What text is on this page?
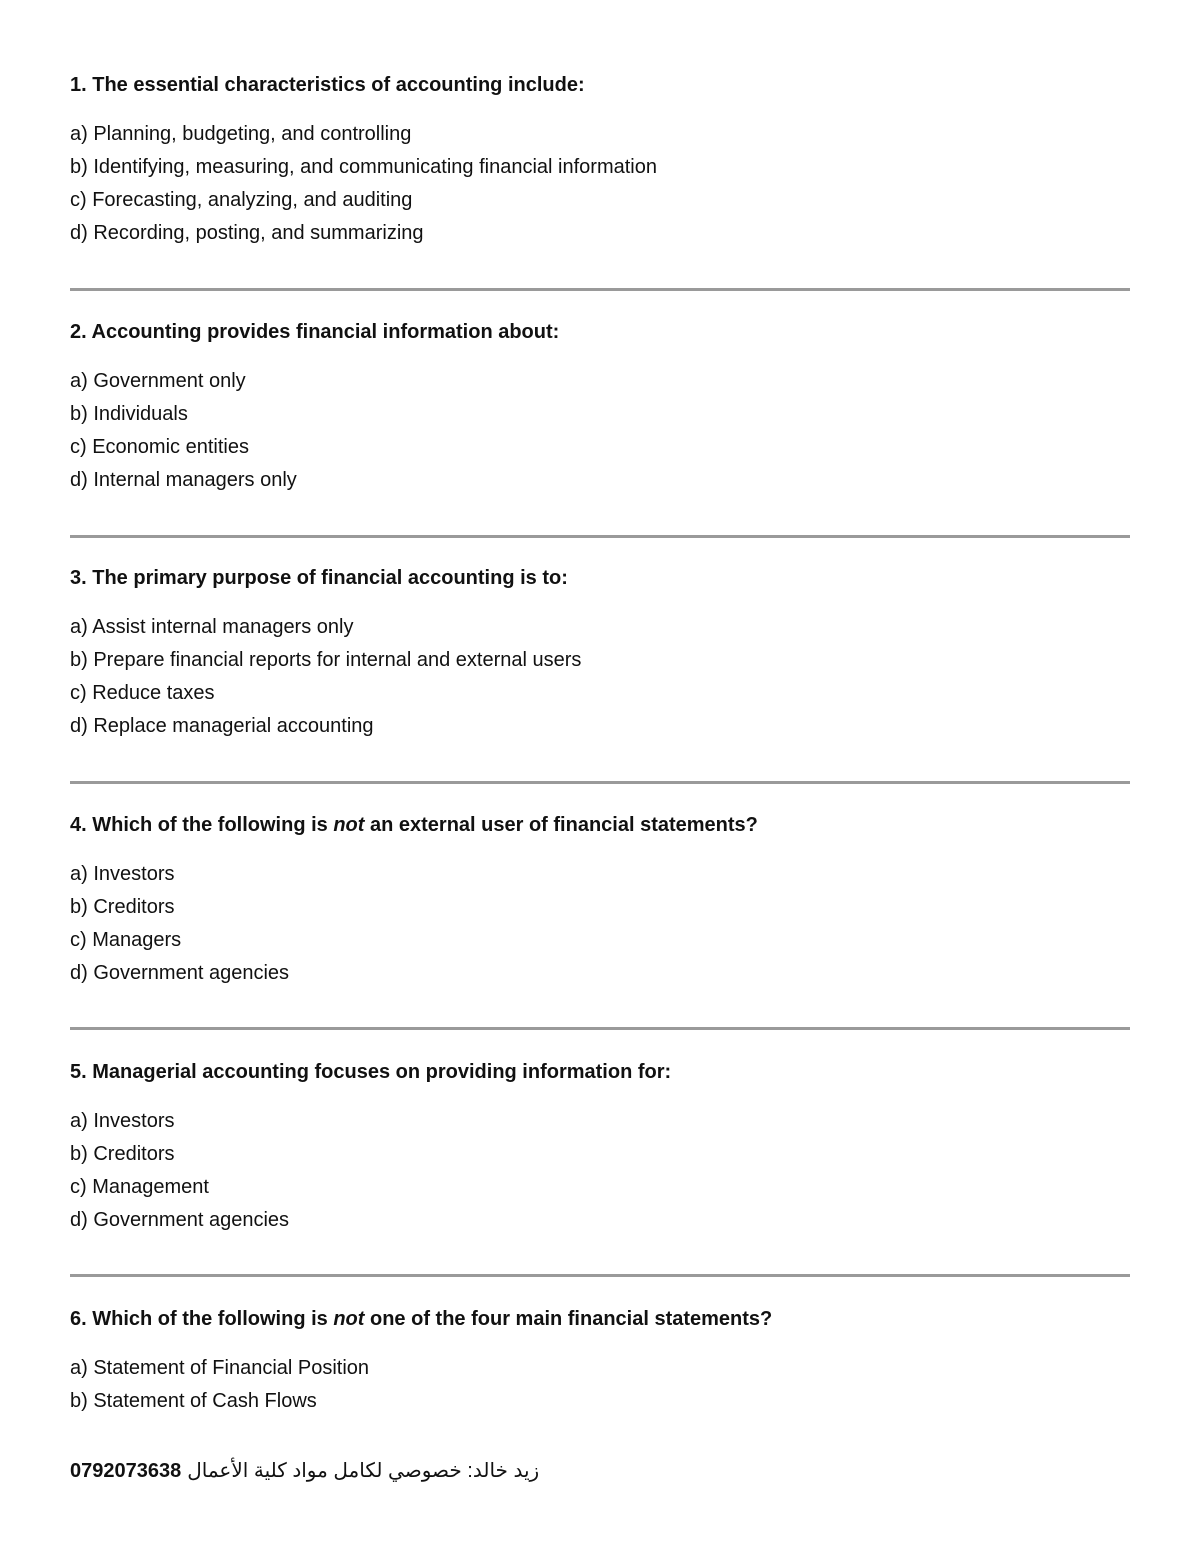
1. The essential characteristics of accounting include:
a) Planning, budgeting, and controlling
b) Identifying, measuring, and communicating financial information
c) Forecasting, analyzing, and auditing
d) Recording, posting, and summarizing
2. Accounting provides financial information about:
a) Government only
b) Individuals
c) Economic entities
d) Internal managers only
3. The primary purpose of financial accounting is to:
a) Assist internal managers only
b) Prepare financial reports for internal and external users
c) Reduce taxes
d) Replace managerial accounting
4. Which of the following is not an external user of financial statements?
a) Investors
b) Creditors
c) Managers
d) Government agencies
5. Managerial accounting focuses on providing information for:
a) Investors
b) Creditors
c) Management
d) Government agencies
6. Which of the following is not one of the four main financial statements?
a) Statement of Financial Position
b) Statement of Cash Flows
0792073638 زيد خالد: خصوصي لكامل مواد كلية الأعمال
